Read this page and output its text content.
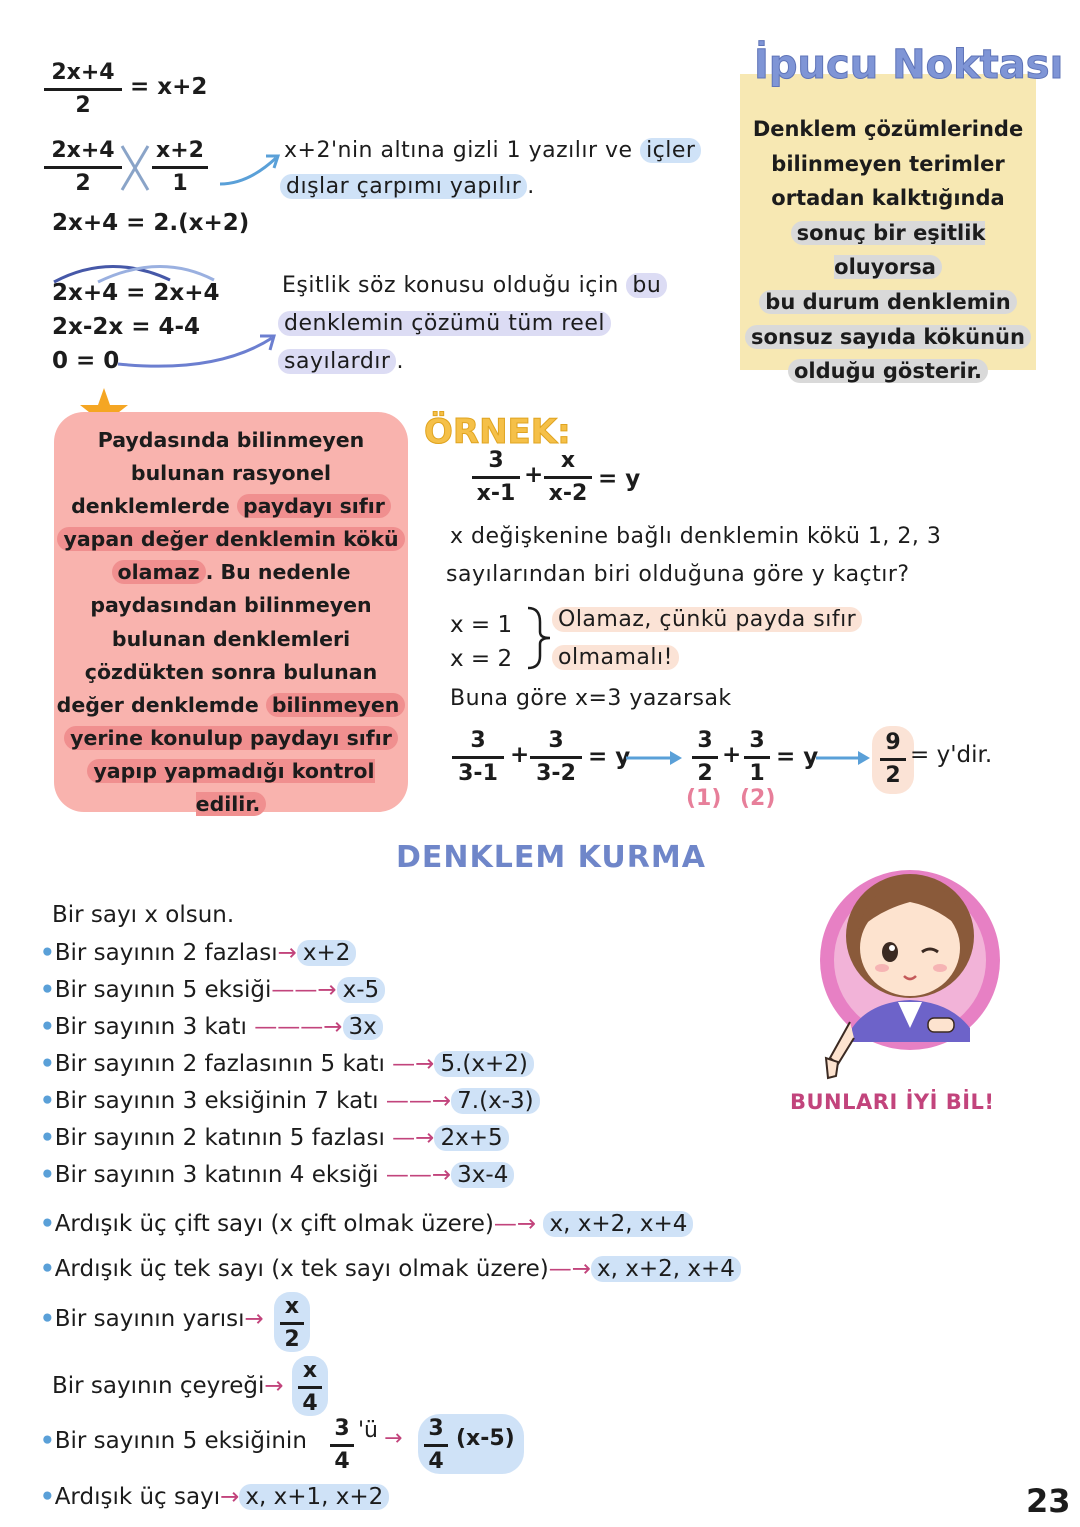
2x+4
2
= x+2
2x+4
2
x+2
1
x+2'nin altına gizli 1 yazılır ve içler
dışlar çarpımı yapılır .
2x+4 = 2.(x+2)
2x+4 = 2x+4
2x-2x = 4-4
0 = 0
Eşitlik söz konusu olduğu için bu
denklemin çözümü tüm reel
sayılardır .
İpucu Noktası
Denklem çözümlerinde
bilinmeyen terimler
ortadan kalktığında
sonuç bir eşitlik oluyorsa
bu durum denklemin
sonsuz sayıda kökünün
olduğu gösterir.
Paydasında bilinmeyen
bulunan rasyonel
denklemlerde paydayı sıfır
yapan değer denklemin kökü
olamaz . Bu nedenle
paydasından bilinmeyen
bulunan denklemleri
çözdükten sonra bulunan
değer denklemde bilinmeyen
yerine konulup paydayı sıfır
yapıp yapmadığı kontrol edilir.
ÖRNEK:
3
x-1
+
x
x-2
= y
x değişkenine bağlı denklemin kökü 1, 2, 3
sayılarından biri olduğuna göre y kaçtır?
x = 1
x = 2
Olamaz, çünkü payda sıfır
olmamalı!
Buna göre x=3 yazarsak
3
3-1
+
3
3-2
= y
3
2
+
3
1
= y
(1) (2)
9
2
= y'dir.
DENKLEM KURMA
Bir sayı x olsun.
•Bir sayının 2 fazlası→ x+2
•Bir sayının 5 eksiği——→ x-5
•Bir sayının 3 katı ———→ 3x
•Bir sayının 2 fazlasının 5 katı —→ 5.(x+2)
•Bir sayının 3 eksiğinin 7 katı ——→ 7.(x-3)
•Bir sayının 2 katının 5 fazlası —→ 2x+5
•Bir sayının 3 katının 4 eksiği ——→ 3x-4
•Ardışık üç çift sayı (x çift olmak üzere)—→ x, x+2, x+4
•Ardışık üç tek sayı (x tek sayı olmak üzere)—→ x, x+2, x+4
•Bir sayının yarısı→ x
2
Bir sayının çeyreği→
x
4
•Bir sayının 5 eksiğinin 3
4
'ü → 3
4
(x-5)
•Ardışık üç sayı→ x, x+1, x+2
BUNLARI İYİ BİL!
23
